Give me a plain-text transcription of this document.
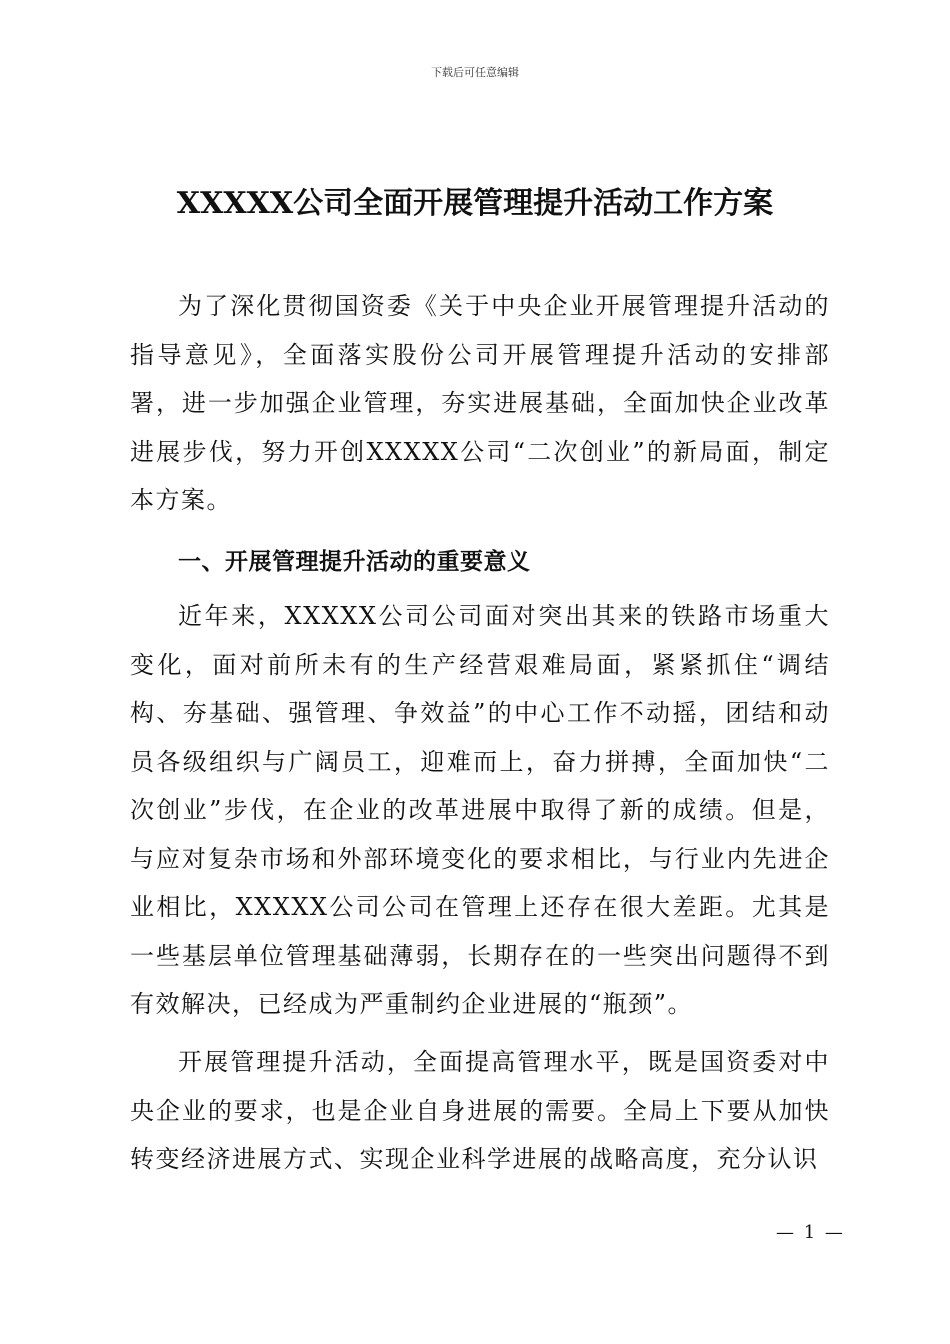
下载后可任意编辑
XXXXX公司全面开展管理提升活动工作方案

为了深化贯彻国资委《关于中央企业开展管理提升活动的指导意见》，全面落实股份公司开展管理提升活动的安排部署，进一步加强企业管理，夯实进展基础，全面加快企业改革进展步伐，努力开创XXXXX公司“二次创业”的新局面，制定本方案。

一、开展管理提升活动的重要意义

近年来，XXXXX公司公司面对突出其来的铁路市场重大变化，面对前所未有的生产经营艰难局面，紧紧抓住“调结构、夯基础、强管理、争效益”的中心工作不动摇，团结和动员各级组织与广阔员工，迎难而上，奋力拼搏，全面加快“二次创业”步伐，在企业的改革进展中取得了新的成绩。但是，与应对复杂市场和外部环境变化的要求相比，与行业内先进企业相比，XXXXX公司公司在管理上还存在很大差距。尤其是一些基层单位管理基础薄弱，长期存在的一些突出问题得不到有效解决，已经成为严重制约企业进展的“瓶颈”。

开展管理提升活动，全面提高管理水平，既是国资委对中央企业的要求，也是企业自身进展的需要。全局上下要从加快转变经济进展方式、实现企业科学进展的战略高度，充分认识

— 1 —
